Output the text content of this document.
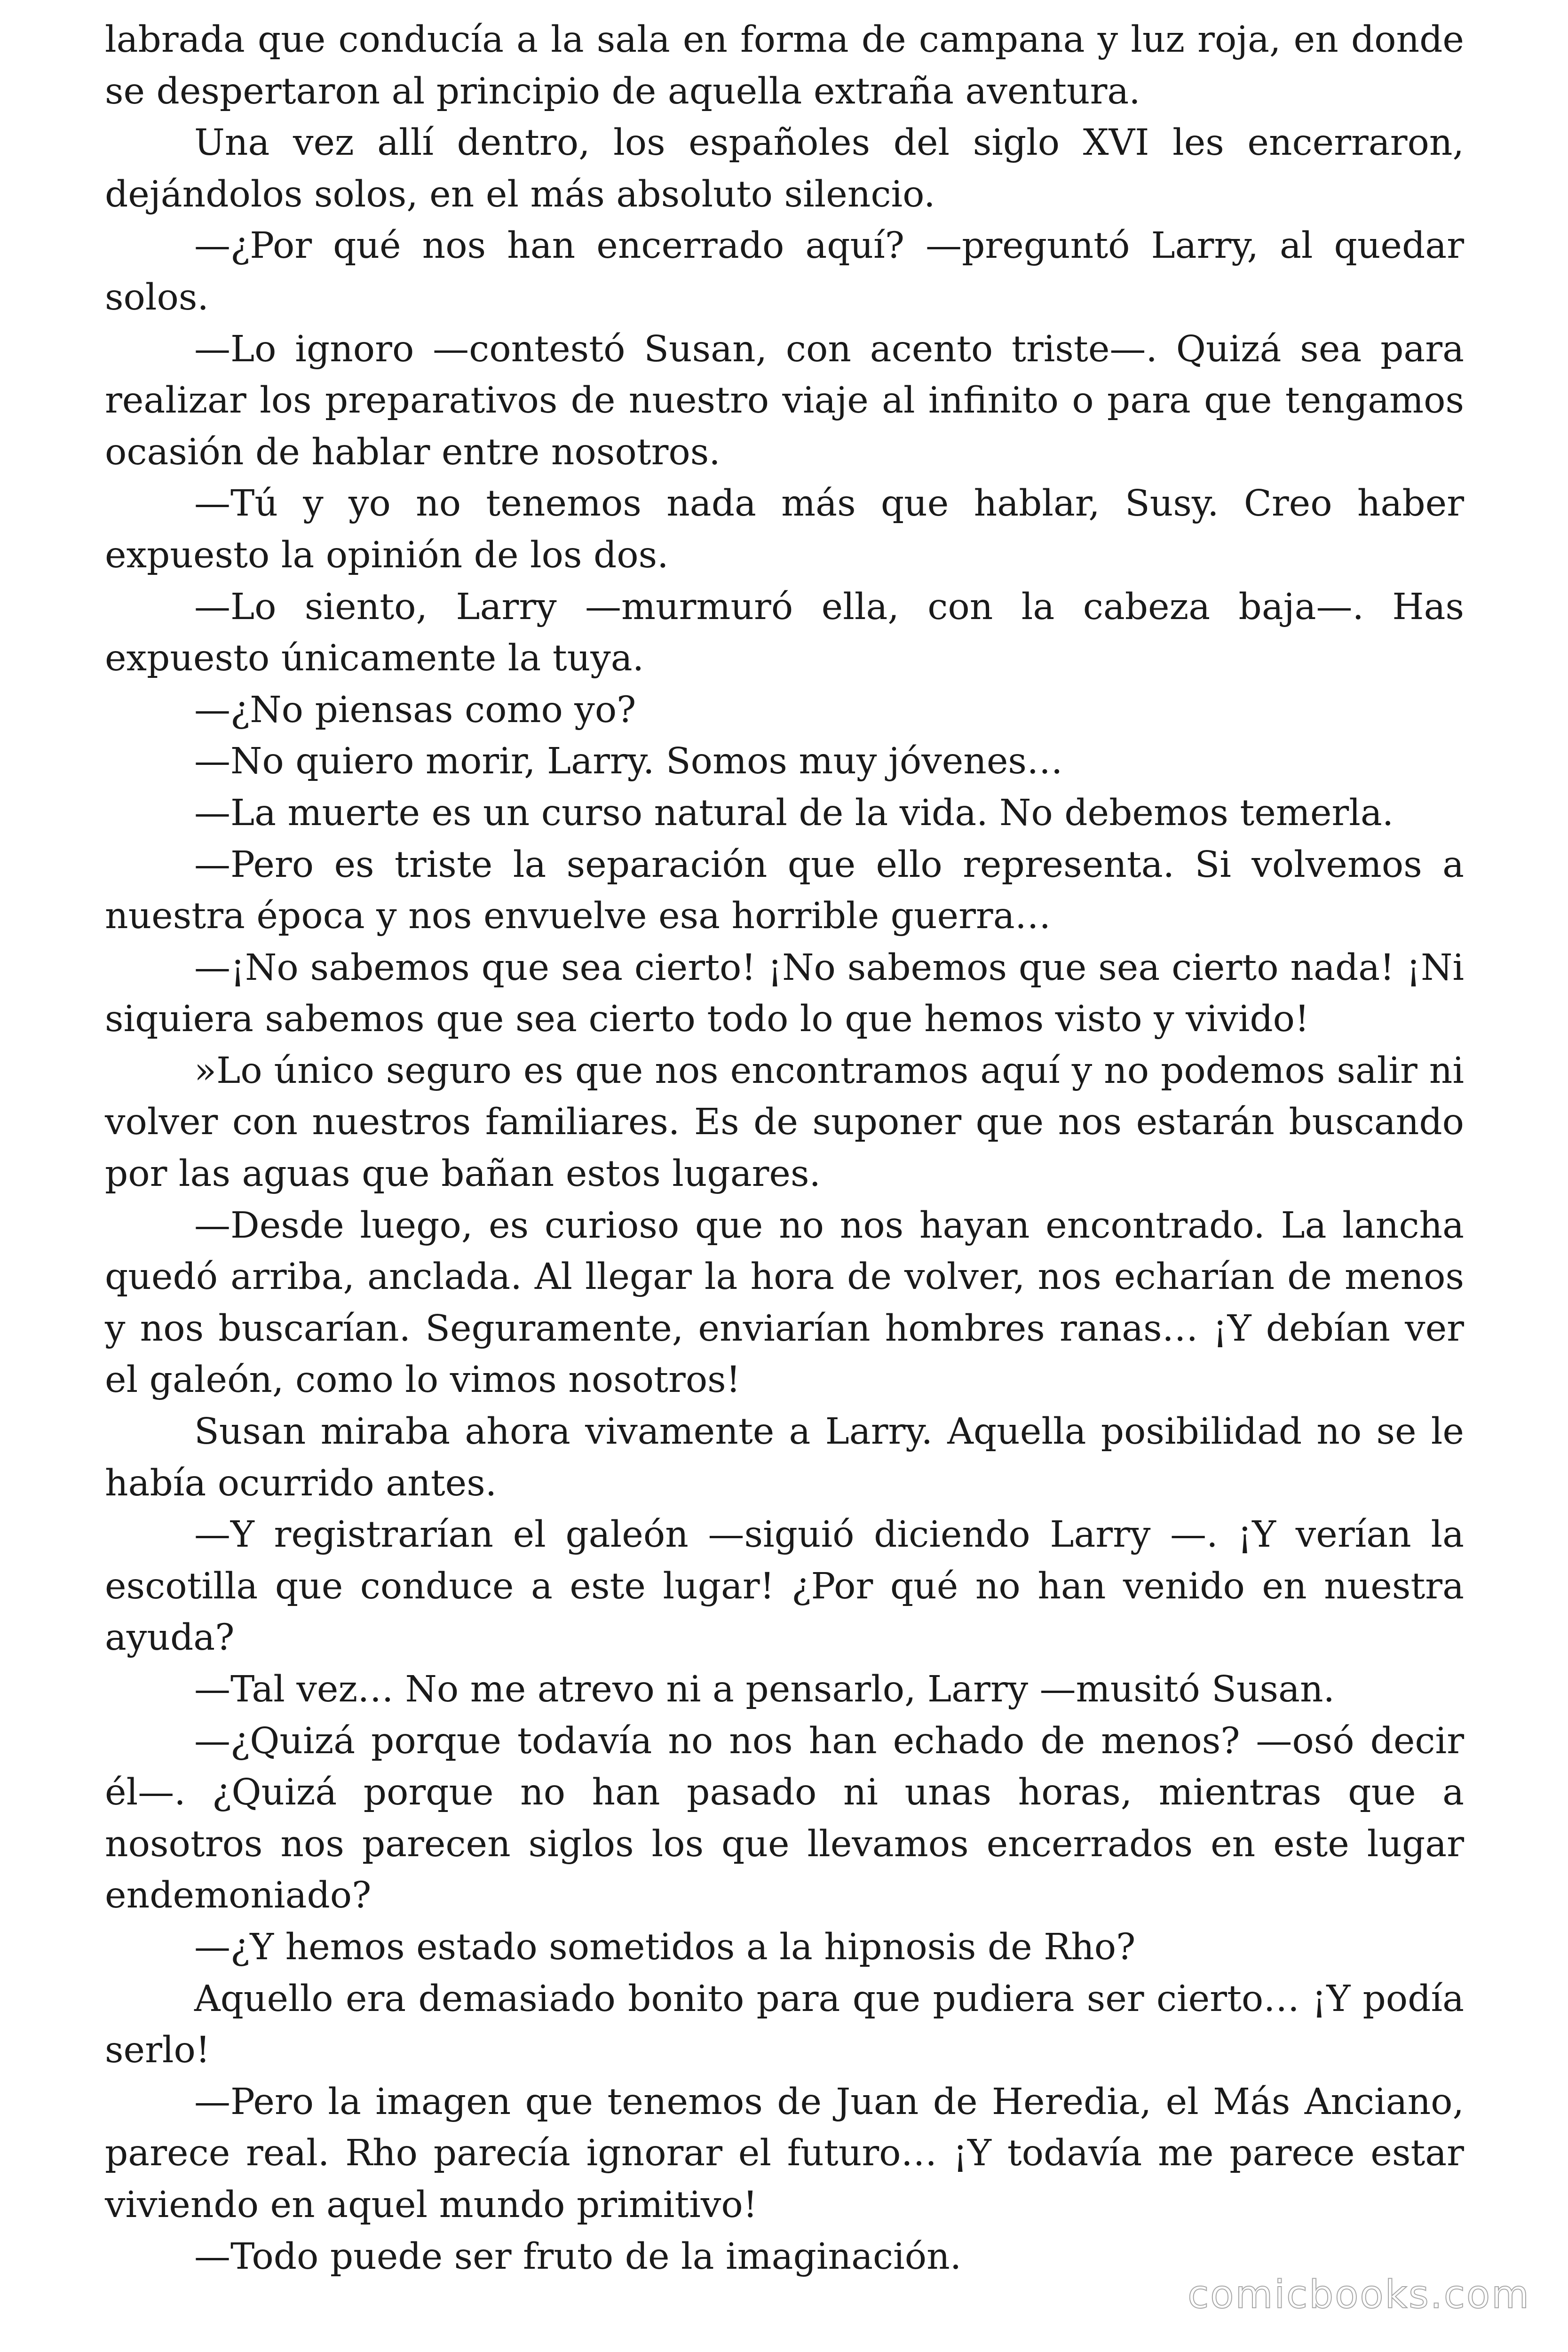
labrada que conducía a la sala en forma de campana y luz roja, en donde se despertaron al principio de aquella extraña aventura.

Una vez allí dentro, los españoles del siglo XVI les encerraron, dejándolos solos, en el más absoluto silencio.

—¿Por qué nos han encerrado aquí? —preguntó Larry, al quedar solos.

—Lo ignoro —contestó Susan, con acento triste—. Quizá sea para realizar los preparativos de nuestro viaje al infinito o para que tengamos ocasión de hablar entre nosotros.

—Tú y yo no tenemos nada más que hablar, Susy. Creo haber expuesto la opinión de los dos.

—Lo siento, Larry —murmuró ella, con la cabeza baja—. Has expuesto únicamente la tuya.

—¿No piensas como yo?

—No quiero morir, Larry. Somos muy jóvenes…

—La muerte es un curso natural de la vida. No debemos temerla.

—Pero es triste la separación que ello representa. Si volvemos a nuestra época y nos envuelve esa horrible guerra…

—¡No sabemos que sea cierto! ¡No sabemos que sea cierto nada! ¡Ni siquiera sabemos que sea cierto todo lo que hemos visto y vivido!

»Lo único seguro es que nos encontramos aquí y no podemos salir ni volver con nuestros familiares. Es de suponer que nos estarán buscando por las aguas que bañan estos lugares.

—Desde luego, es curioso que no nos hayan encontrado. La lancha quedó arriba, anclada. Al llegar la hora de volver, nos echarían de menos y nos buscarían. Seguramente, enviarían hombres ranas… ¡Y debían ver el galeón, como lo vimos nosotros!

Susan miraba ahora vivamente a Larry. Aquella posibilidad no se le había ocurrido antes.

—Y registrarían el galeón —siguió diciendo Larry —. ¡Y verían la escotilla que conduce a este lugar! ¿Por qué no han venido en nuestra ayuda?

—Tal vez… No me atrevo ni a pensarlo, Larry —musitó Susan.

—¿Quizá porque todavía no nos han echado de menos? —osó decir él—. ¿Quizá porque no han pasado ni unas horas, mientras que a nosotros nos parecen siglos los que llevamos encerrados en este lugar endemoniado?

—¿Y hemos estado sometidos a la hipnosis de Rho?

Aquello era demasiado bonito para que pudiera ser cierto… ¡Y podía serlo!

—Pero la imagen que tenemos de Juan de Heredia, el Más Anciano, parece real. Rho parecía ignorar el futuro… ¡Y todavía me parece estar viviendo en aquel mundo primitivo!

—Todo puede ser fruto de la imaginación.

comicbooks.com
